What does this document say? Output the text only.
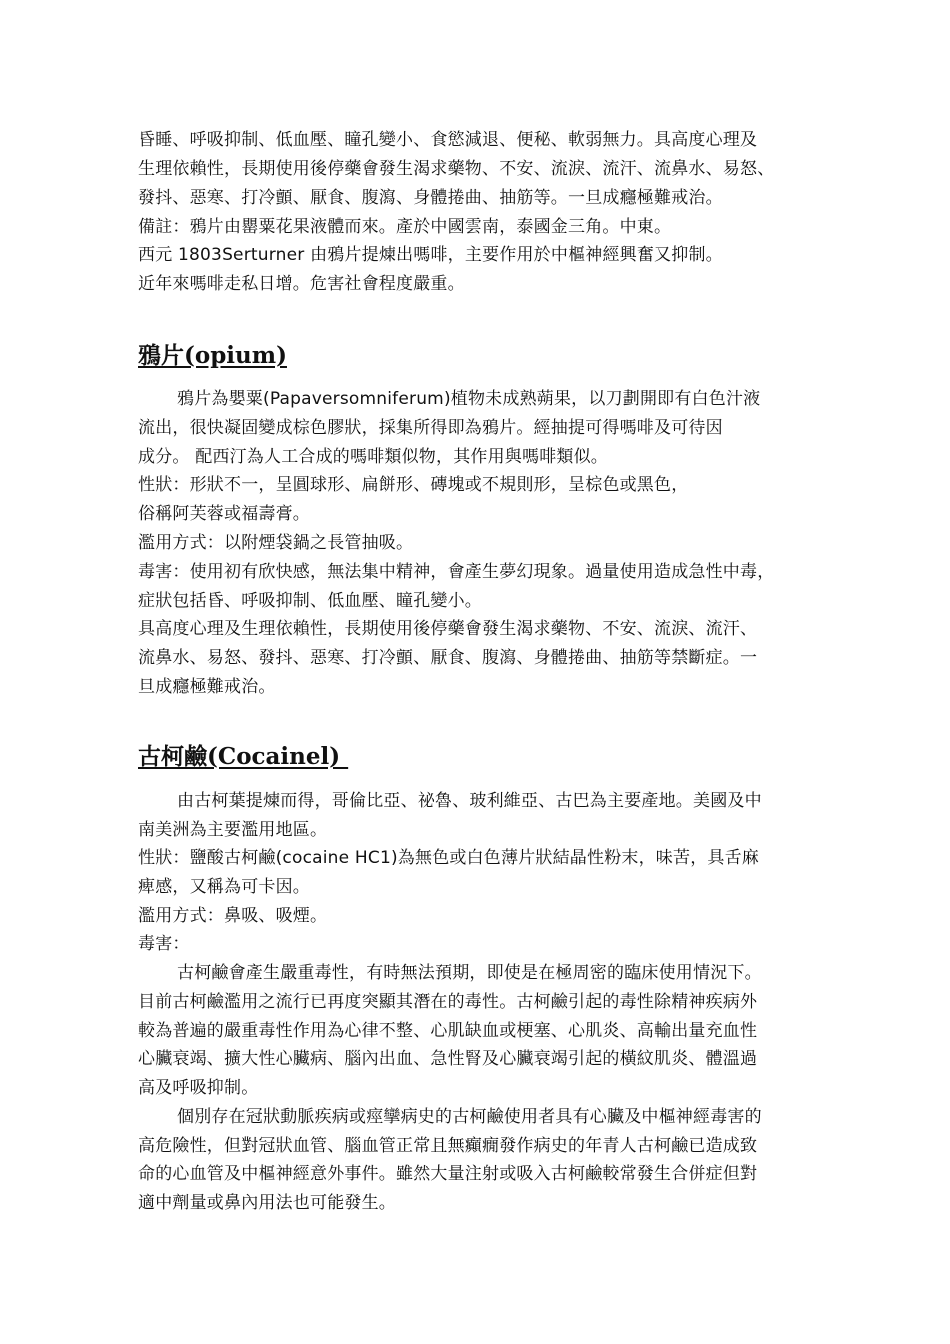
昏睡、呼吸抑制、低血壓、瞳孔變小、食慾減退、便秘、軟弱無力。具高度心理及
生理依賴性，長期使用後停藥會發生渴求藥物、不安、流淚、流汗、流鼻水、易怒、
發抖、惡寒、打冷顫、厭食、腹瀉、身體捲曲、抽筋等。一旦成癮極難戒治。
備註：鴉片由罌粟花果液體而來。產於中國雲南，泰國金三角。中東。
西元 1803Serturner 由鴉片提煉出嗎啡，主要作用於中樞神經興奮又抑制。
近年來嗎啡走私日增。危害社會程度嚴重。
鴉片(opium)
鴉片為嬰粟(Papaversomniferum)植物未成熟蒴果，以刀劃開即有白色汁液
流出，很快凝固變成棕色膠狀，採集所得即為鴉片。經抽提可得嗎啡及可待因
成分。 配西汀為人工合成的嗎啡類似物，其作用與嗎啡類似。
性狀：形狀不一，呈圓球形、扁餅形、磚塊或不規則形，呈棕色或黑色，
俗稱阿芙蓉或福壽膏。
濫用方式：以附煙袋鍋之長管抽吸。
毒害：使用初有欣快感，無法集中精神，會產生夢幻現象。過量使用造成急性中毒，
症狀包括昏、呼吸抑制、低血壓、瞳孔變小。
具高度心理及生理依賴性，長期使用後停藥會發生渴求藥物、不安、流淚、流汗、
流鼻水、易怒、發抖、惡寒、打冷顫、厭食、腹瀉、身體捲曲、抽筋等禁斷症。一
旦成癮極難戒治。
古柯鹼(Cocainel)
由古柯葉提煉而得，哥倫比亞、祕魯、玻利維亞、古巴為主要產地。美國及中
南美洲為主要濫用地區。
性狀：鹽酸古柯鹼(cocaine HC1)為無色或白色薄片狀結晶性粉末，味苦，具舌麻
痺感，又稱為可卡因。
濫用方式：鼻吸、吸煙。
毒害：
古柯鹼會產生嚴重毒性，有時無法預期，即使是在極周密的臨床使用情況下。
目前古柯鹼濫用之流行已再度突顯其潛在的毒性。古柯鹼引起的毒性除精神疾病外
較為普遍的嚴重毒性作用為心律不整、心肌缺血或梗塞、心肌炎、高輸出量充血性
心臟衰竭、擴大性心臟病、腦內出血、急性腎及心臟衰竭引起的橫紋肌炎、體溫過
高及呼吸抑制。
個別存在冠狀動脈疾病或痙攣病史的古柯鹼使用者具有心臟及中樞神經毒害的
高危險性，但對冠狀血管、腦血管正常且無癲癇發作病史的年青人古柯鹼已造成致
命的心血管及中樞神經意外事件。雖然大量注射或吸入古柯鹼較常發生合併症但對
適中劑量或鼻內用法也可能發生。
